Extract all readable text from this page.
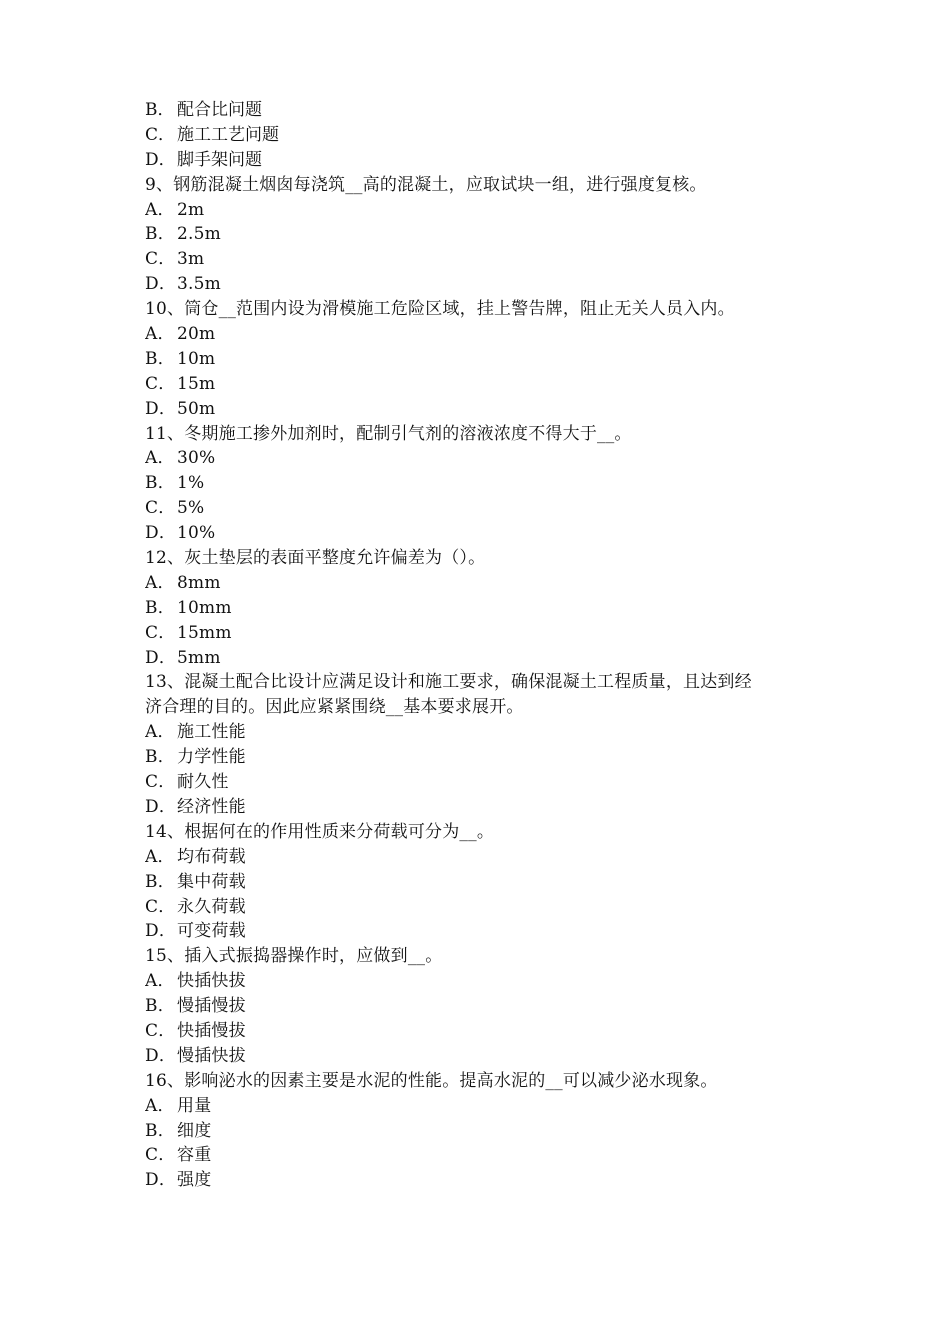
B． 配合比问题
C． 施工工艺问题
D． 脚手架问题
9、钢筋混凝土烟囱每浇筑__高的混凝土，应取试块一组，进行强度复核。
A． 2m
B． 2.5m
C． 3m
D． 3.5m
10、筒仓__范围内设为滑模施工危险区域，挂上警告牌，阻止无关人员入内。
A． 20m
B． 10m
C． 15m
D． 50m
11、冬期施工掺外加剂时，配制引气剂的溶液浓度不得大于__。
A． 30%
B． 1%
C． 5%
D． 10%
12、灰土垫层的表面平整度允许偏差为（）。
A． 8mm
B． 10mm
C． 15mm
D． 5mm
13、混凝土配合比设计应满足设计和施工要求，确保混凝土工程质量，且达到经
济合理的目的。因此应紧紧围绕__基本要求展开。
A． 施工性能
B． 力学性能
C． 耐久性
D． 经济性能
14、根据何在的作用性质来分荷载可分为__。
A． 均布荷载
B． 集中荷载
C． 永久荷载
D． 可变荷载
15、插入式振捣器操作时，应做到__。
A． 快插快拔
B． 慢插慢拔
C． 快插慢拔
D． 慢插快拔
16、影响泌水的因素主要是水泥的性能。提高水泥的__可以减少泌水现象。
A． 用量
B． 细度
C． 容重
D． 强度
